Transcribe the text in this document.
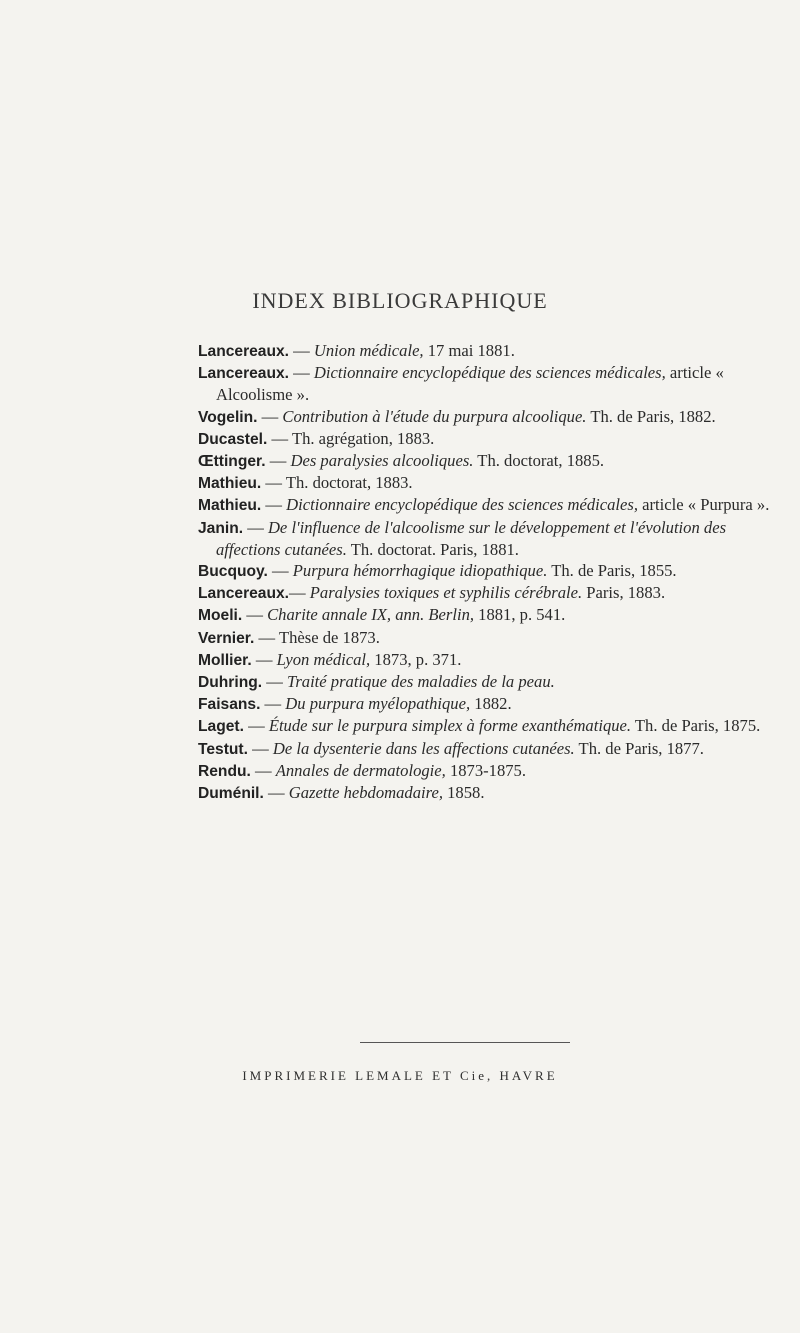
INDEX BIBLIOGRAPHIQUE
Lancereaux. — Union médicale, 17 mai 1881.
Lancereaux. — Dictionnaire encyclopédique des sciences médicales, article « Alcoolisme ».
Vogelin. — Contribution à l'étude du purpura alcoolique. Th. de Paris, 1882.
Ducastel. — Th. agrégation, 1883.
Œttinger. — Des paralysies alcooliques. Th. doctorat, 1885.
Mathieu. — Th. doctorat, 1883.
Mathieu. — Dictionnaire encyclopédique des sciences médicales, article « Purpura ».
Janin. — De l'influence de l'alcoolisme sur le développement et l'évolution des affections cutanées. Th. doctorat. Paris, 1881.
Bucquoy. — Purpura hémorrhagique idiopathique. Th. de Paris, 1855.
Lancereaux.— Paralysies toxiques et syphilis cérébrale. Paris, 1883.
Moeli. — Charite annale IX, ann. Berlin, 1881, p. 541.
Vernier. — Thèse de 1873.
Mollier. — Lyon médical, 1873, p. 371.
Duhring. — Traité pratique des maladies de la peau.
Faisans. — Du purpura myélopathique, 1882.
Laget. — Étude sur le purpura simplex à forme exanthématique. Th. de Paris, 1875.
Testut. — De la dysenterie dans les affections cutanées. Th. de Paris, 1877.
Rendu. — Annales de dermatologie, 1873-1875.
Duménil. — Gazette hebdomadaire, 1858.
IMPRIMERIE LEMALE ET Cie, HAVRE
